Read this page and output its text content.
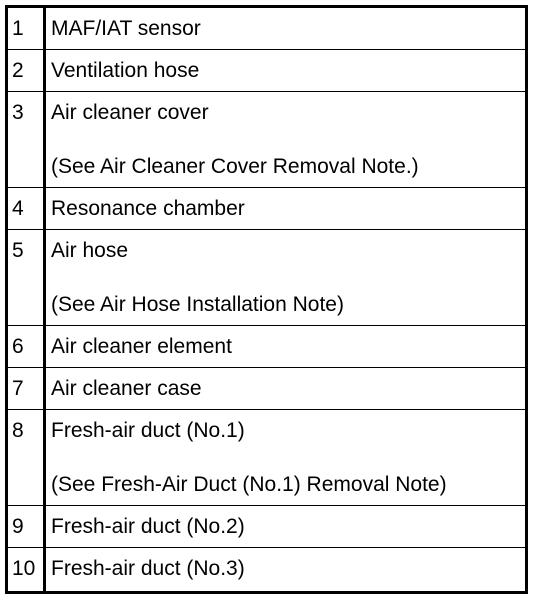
1	MAF/IAT sensor
2	Ventilation hose
3	Air cleaner cover
(See Air Cleaner Cover Removal Note.)
4	Resonance chamber
5	Air hose
(See Air Hose Installation Note)
6	Air cleaner element
7	Air cleaner case
8	Fresh-air duct (No.1)
(See Fresh-Air Duct (No.1) Removal Note)
9	Fresh-air duct (No.2)
10 Fresh-air duct (No.3)
